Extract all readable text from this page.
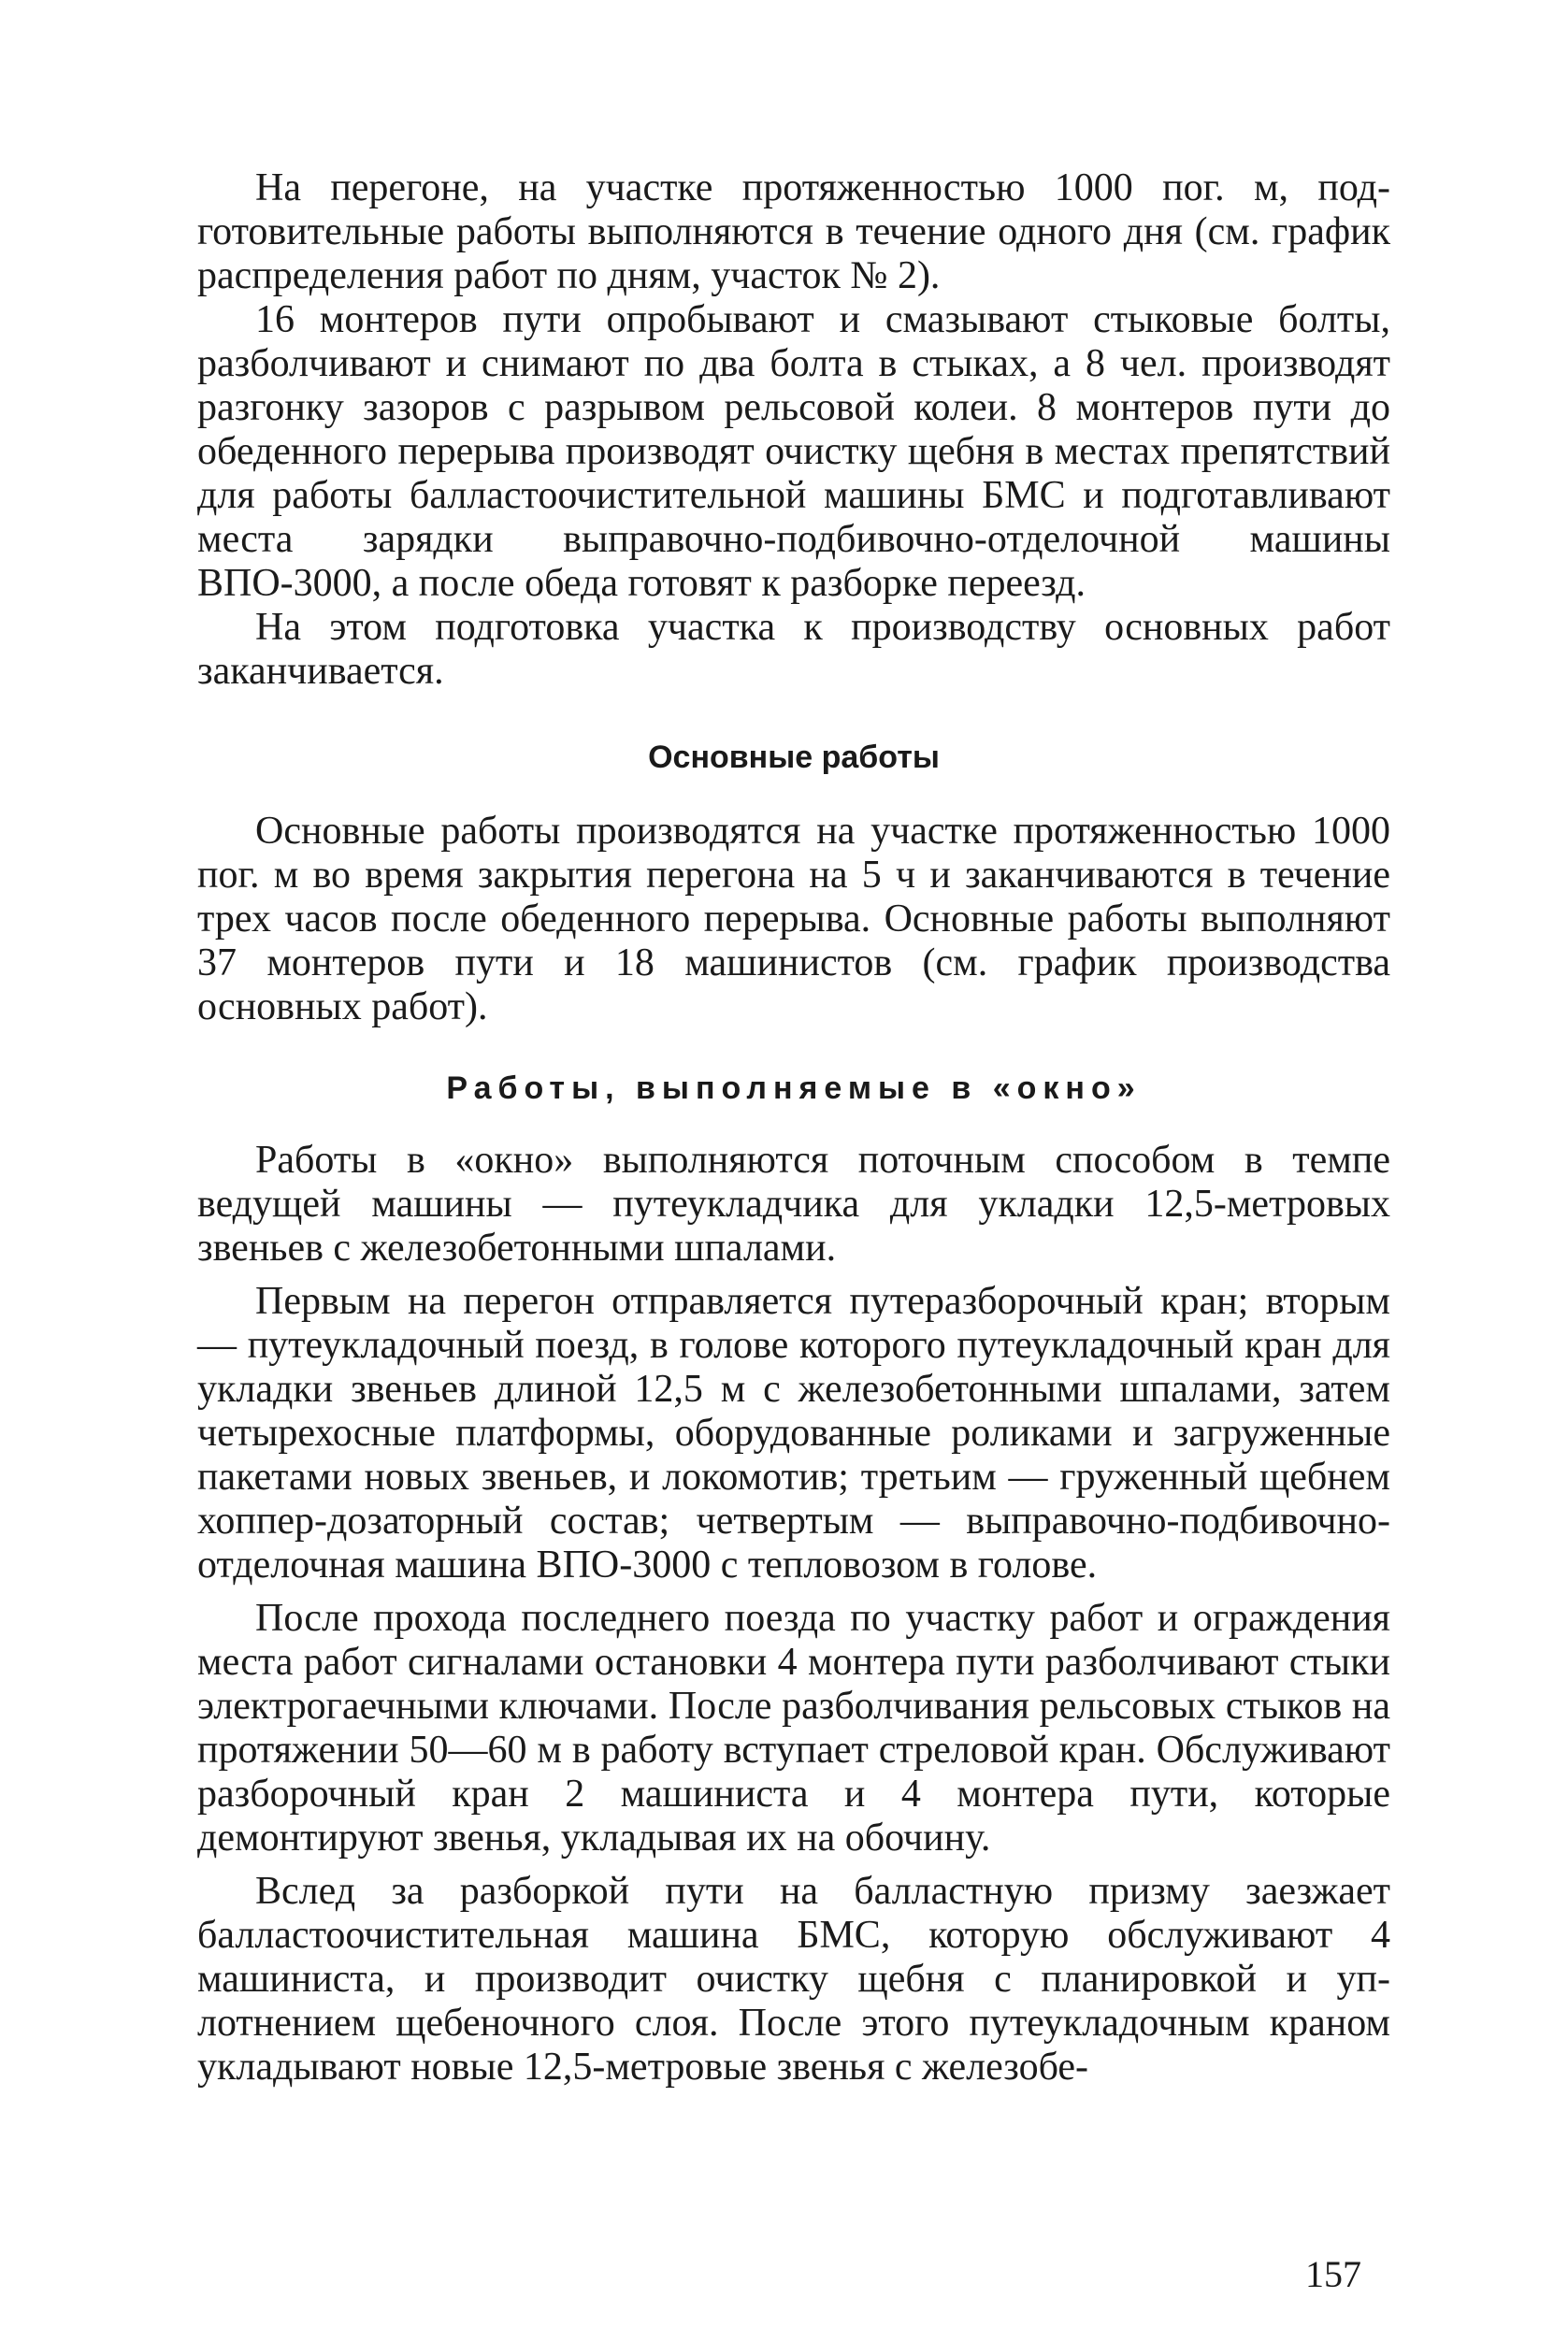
На перегоне, на участке протяженностью 1000 пог. м, подготовительные работы выполняются в течение одного дня (см. график распределения работ по дням, участок № 2).

16 монтеров пути опробывают и смазывают стыковые болты, разболчивают и снимают по два болта в стыках, а 8 чел. производят разгонку зазоров с разрывом рельсовой колеи. 8 монтеров пути до обеденного перерыва производят очистку щебня в местах препятствий для работы балластоочистительной машины БМС и подготавливают места зарядки выправочно-подбивочно-отделочной машины ВПО-3000, а после обеда готовят к разборке переезд.

На этом подготовка участка к производству основных работ заканчивается.

Основные работы

Основные работы производятся на участке протяженностью 1000 пог. м во время закрытия перегона на 5 ч и заканчиваются в течение трех часов после обеденного перерыва. Основные работы выполняют 37 монтеров пути и 18 машинистов (см. график производства основных работ).

Работы, выполняемые в «окно»

Работы в «окно» выполняются поточным способом в темпе ведущей машины — путеукладчика для укладки 12,5-метровых звеньев с железобетонными шпалами.

Первым на перегон отправляется путеразборочный кран; вторым — путеукладочный поезд, в голове которого путеукладочный кран для укладки звеньев длиной 12,5 м с железобетонными шпалами, затем четырехосные платформы, оборудованные роликами и загруженные пакетами новых звеньев, и локомотив; третьим — груженный щебнем хоппер-дозаторный состав; четвертым — выправочно-подбивочно-отделочная машина ВПО-3000 с тепловозом в голове.

После прохода последнего поезда по участку работ и ограждения места работ сигналами остановки 4 монтера пути разболчивают стыки электрогаечными ключами. После разболчивания рельсовых стыков на протяжении 50—60 м в работу вступает стреловой кран. Обслуживают разборочный кран 2 машиниста и 4 монтера пути, которые демонтируют звенья, укладывая их на обочину.

Вслед за разборкой пути на балластную призму заезжает балластоочистительная машина БМС, которую обслуживают 4 машиниста, и производит очистку щебня с планировкой и уплотнением щебеночного слоя. После этого путеукладочным краном укладывают новые 12,5-метровые звенья с железобе-

157
